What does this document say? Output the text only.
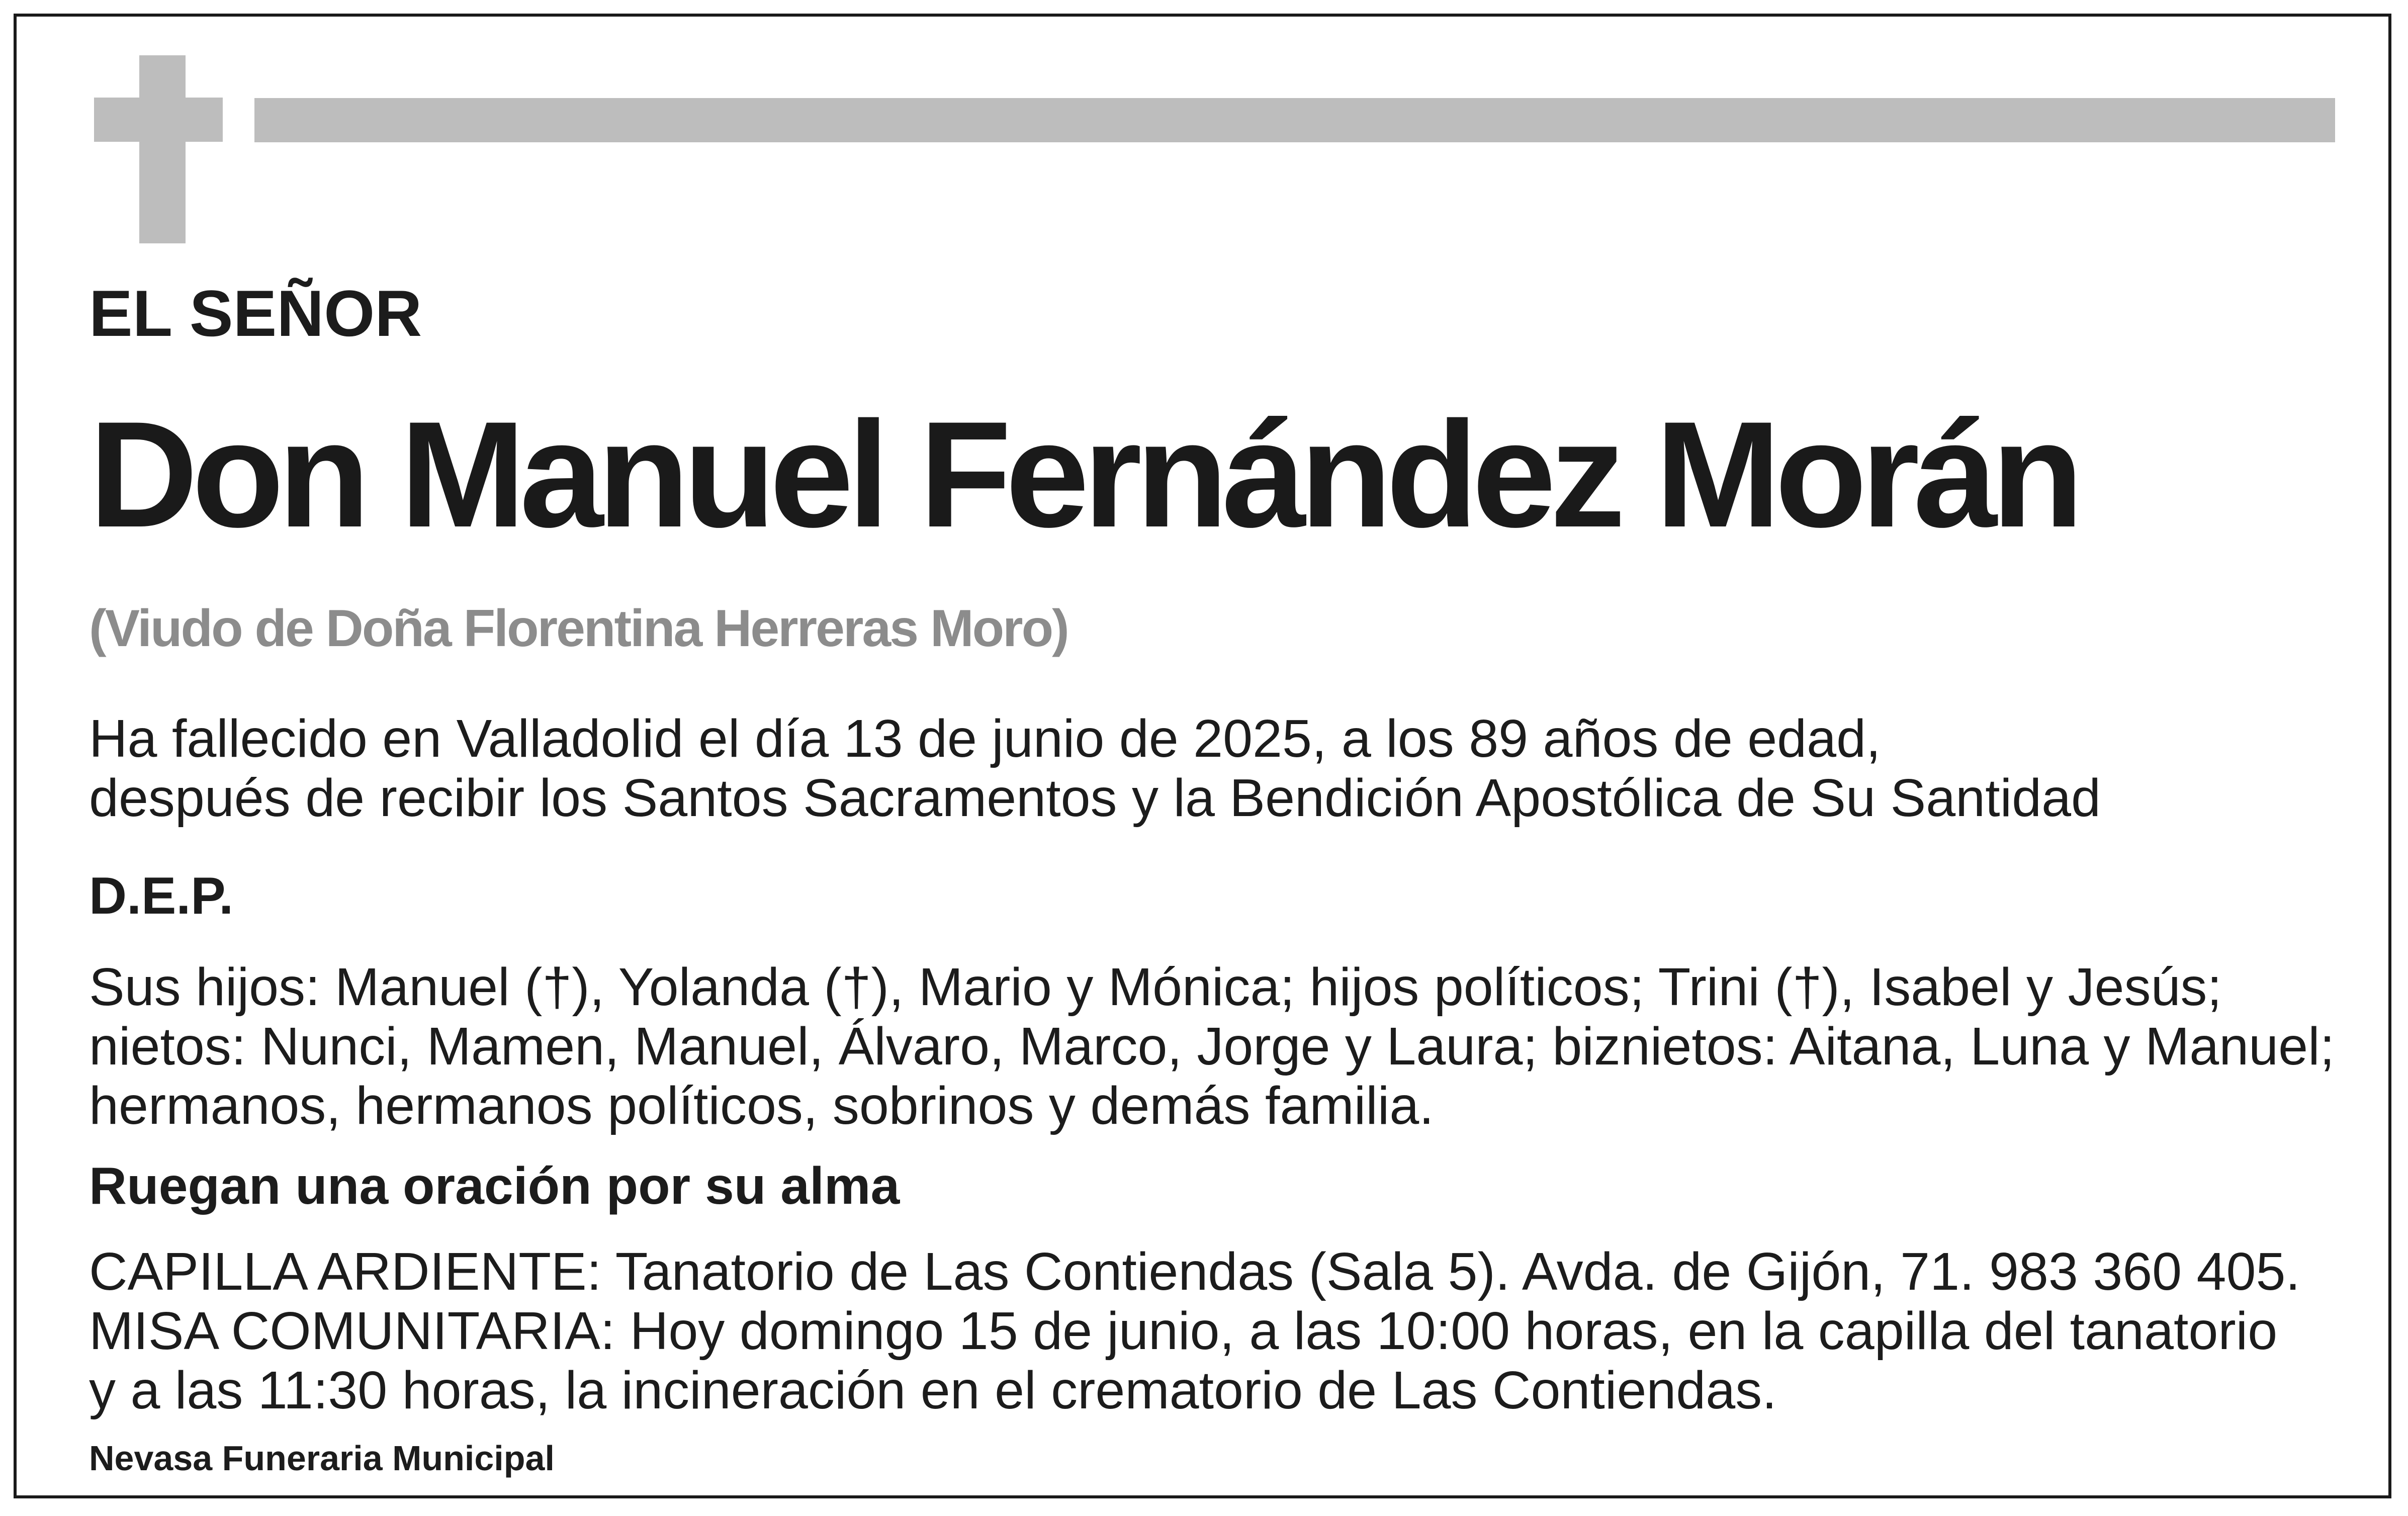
EL SEÑOR
Don Manuel Fernández Morán
(Viudo de Doña Florentina Herreras Moro)
Ha fallecido en Valladolid el día 13 de junio de 2025, a los 89 años de edad,
después de recibir los Santos Sacramentos y la Bendición Apostólica de Su Santidad
D.E.P.
Sus hijos: Manuel (†), Yolanda (†), Mario y Mónica; hijos políticos; Trini (†), Isabel y Jesús;
nietos: Nunci, Mamen, Manuel, Álvaro, Marco, Jorge y Laura; biznietos: Aitana, Luna y Manuel;
hermanos, hermanos políticos, sobrinos y demás familia.
Ruegan una oración por su alma
CAPILLA ARDIENTE: Tanatorio de Las Contiendas (Sala 5). Avda. de Gijón, 71. 983 360 405.
MISA COMUNITARIA: Hoy domingo 15 de junio, a las 10:00 horas, en la capilla del tanatorio
y a las 11:30 horas, la incineración en el crematorio de Las Contiendas.
Nevasa Funeraria Municipal
